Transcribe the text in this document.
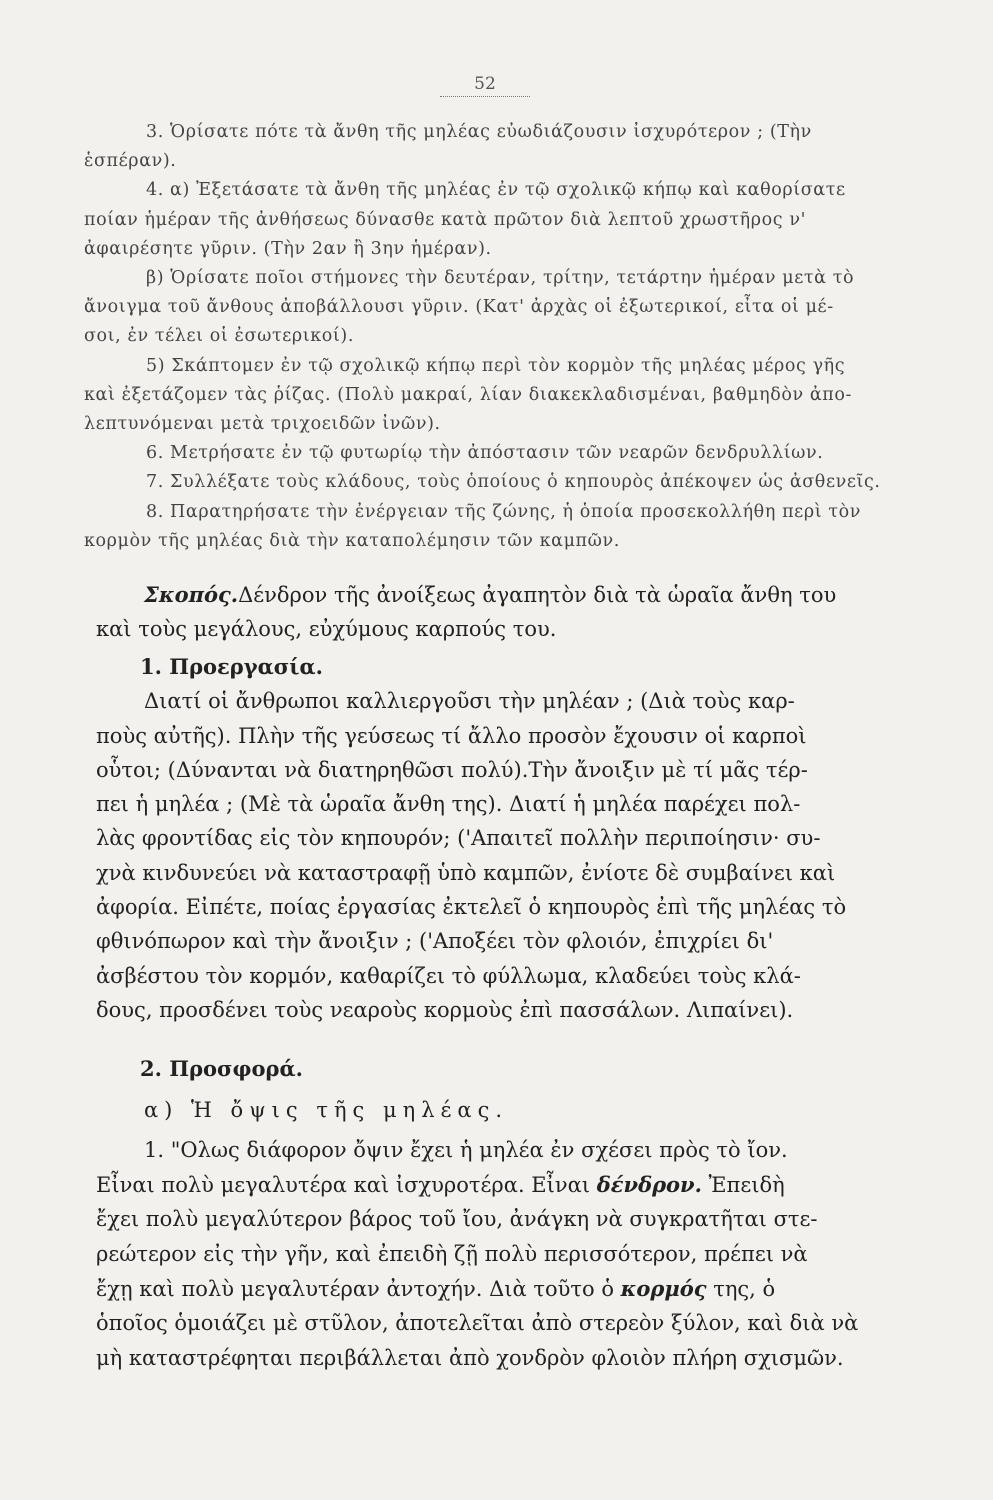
52
3. Ὁρίσατε πότε τὰ ἄνθη τῆς μηλέας εὐωδιάζουσιν ἰσχυρότερον ; (Τὴν
ἑσπέραν).
4. α) Ἐξετάσατε τὰ ἄνθη τῆς μηλέας ἐν τῷ σχολικῷ κήπῳ καὶ καθορίσατε
ποίαν ἡμέραν τῆς ἀνθήσεως δύνασθε κατὰ πρῶτον διὰ λεπτοῦ χρωστῆρος ν'
ἀφαιρέσητε γῦριν. (Τὴν 2αν ἢ 3ην ἡμέραν).
β) Ὁρίσατε ποῖοι στήμονες τὴν δευτέραν, τρίτην, τετάρτην ἡμέραν μετὰ τὸ
ἄνοιγμα τοῦ ἄνθους ἀποβάλλουσι γῦριν. (Κατ' ἀρχὰς οἱ ἐξωτερικοί, εἶτα οἱ μέ-
σοι, ἐν τέλει οἱ ἐσωτερικοί).
5) Σκάπτομεν ἐν τῷ σχολικῷ κήπῳ περὶ τὸν κορμὸν τῆς μηλέας μέρος γῆς
καὶ ἐξετάζομεν τὰς ῥίζας. (Πολὺ μακραί, λίαν διακεκλαδισμέναι, βαθμηδὸν ἀπο-
λεπτυνόμεναι μετὰ τριχοειδῶν ἰνῶν).
6. Μετρήσατε ἐν τῷ φυτωρίῳ τὴν ἀπόστασιν τῶν νεαρῶν δενδρυλλίων.
7. Συλλέξατε τοὺς κλάδους, τοὺς ὁποίους ὁ κηπουρὸς ἀπέκοψεν ὡς ἀσθενεῖς.
8. Παρατηρήσατε τὴν ἐνέργειαν τῆς ζώνης, ἡ ὁποία προσεκολλήθη περὶ τὸν
κορμὸν τῆς μηλέας διὰ τὴν καταπολέμησιν τῶν καμπῶν.
Σκοπός.Δένδρον τῆς ἀνοίξεως ἀγαπητὸν διὰ τὰ ὡραῖα ἄνθη του
καὶ τοὺς μεγάλους, εὐχύμους καρπούς του.
1. Προεργασία.
Διατί οἱ ἄνθρωποι καλλιεργοῦσι τὴν μηλέαν ; (Διὰ τοὺς καρ-
ποὺς αὐτῆς). Πλὴν τῆς γεύσεως τί ἄλλο προσὸν ἔχουσιν οἱ καρποὶ
οὗτοι; (Δύνανται νὰ διατηρηθῶσι πολύ).Τὴν ἄνοιξιν μὲ τί μᾶς τέρ-
πει ἡ μηλέα ; (Μὲ τὰ ὡραῖα ἄνθη της). Διατί ἡ μηλέα παρέχει πολ-
λὰς φροντίδας εἰς τὸν κηπουρόν; ('Απαιτεῖ πολλὴν περιποίησιν· συ-
χνὰ κινδυνεύει νὰ καταστραφῇ ὑπὸ καμπῶν, ἐνίοτε δὲ συμβαίνει καὶ
ἀφορία. Εἰπέτε, ποίας ἐργασίας ἐκτελεῖ ὁ κηπουρὸς ἐπὶ τῆς μηλέας τὸ
φθινόπωρον καὶ τὴν ἄνοιξιν ; ('Αποξέει τὸν φλοιόν, ἐπιχρίει δι'
ἀσβέστου τὸν κορμόν, καθαρίζει τὸ φύλλωμα, κλαδεύει τοὺς κλά-
δους, προσδένει τοὺς νεαροὺς κορμοὺς ἐπὶ πασσάλων. Λιπαίνει).
2. Προσφορά.
α) Ἡ ὄψις τῆς μηλέας.
1. "Ολως διάφορον ὄψιν ἔχει ἡ μηλέα ἐν σχέσει πρὸς τὸ ἴον.
Εἶναι πολὺ μεγαλυτέρα καὶ ἰσχυροτέρα. Εἶναι δένδρον. Ἐπειδὴ
ἔχει πολὺ μεγαλύτερον βάρος τοῦ ἴου, ἀνάγκη νὰ συγκρατῆται στε-
ρεώτερον εἰς τὴν γῆν, καὶ ἐπειδὴ ζῇ πολὺ περισσότερον, πρέπει νὰ
ἔχῃ καὶ πολὺ μεγαλυτέραν ἀντοχήν. Διὰ τοῦτο ὁ κορμός της, ὁ
ὁποῖος ὁμοιάζει μὲ στῦλον, ἀποτελεῖται ἀπὸ στερεὸν ξύλον, καὶ διὰ νὰ
μὴ καταστρέφηται περιβάλλεται ἀπὸ χονδρὸν φλοιὸν πλήρη σχισμῶν.
